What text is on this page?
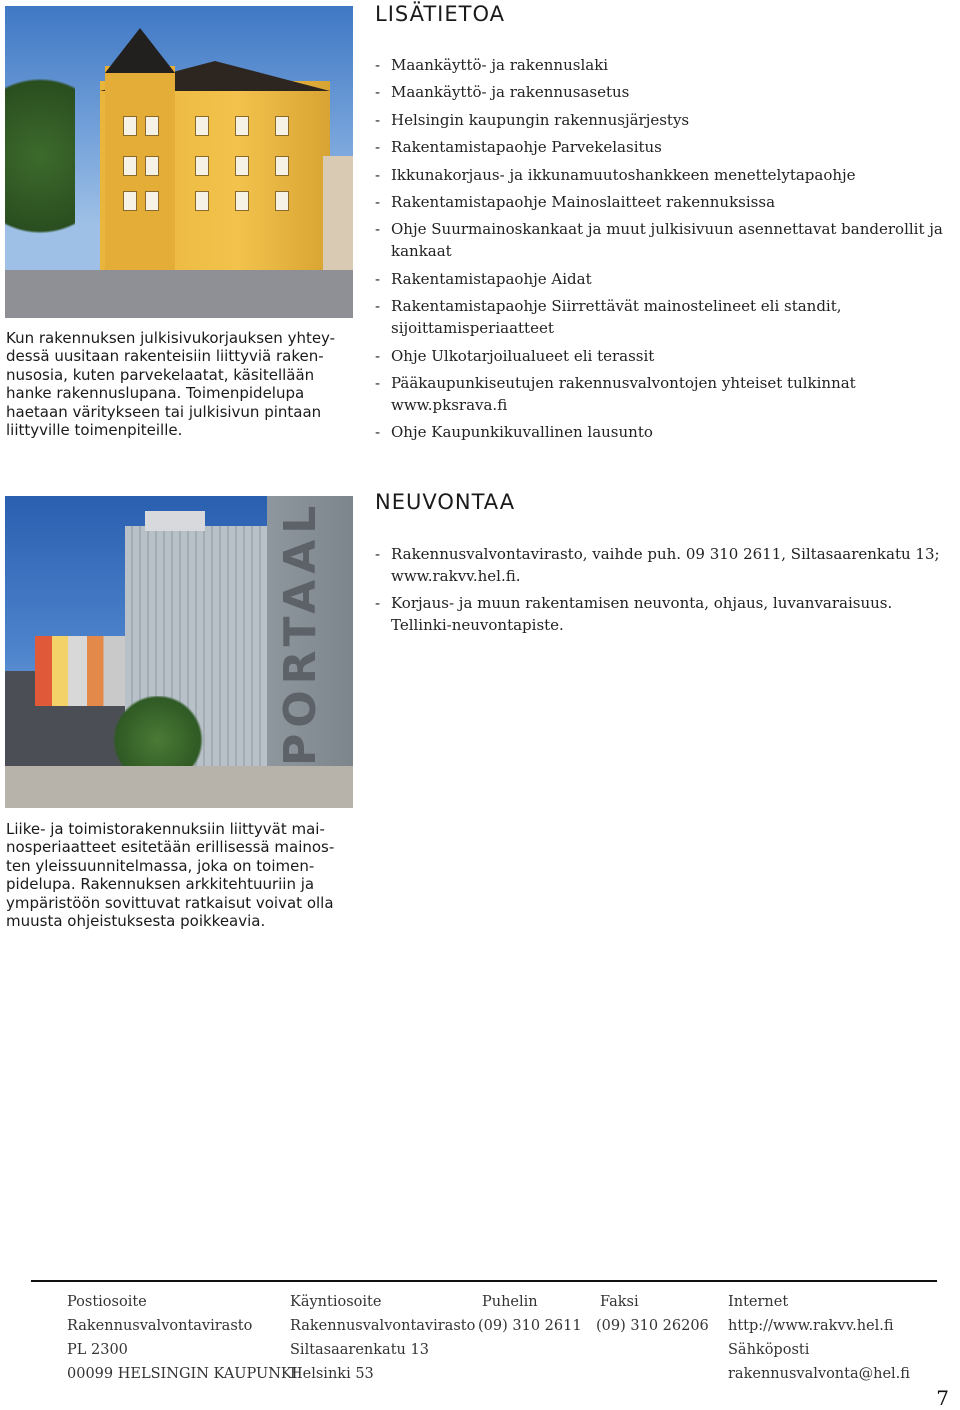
Kun rakennuksen julkisivukorjauksen yhtey-
dessä uusitaan rakenteisiin liittyviä raken-
nusosia, kuten parvekelaatat, käsitellään
hanke rakennuslupana. Toimenpidelupa
haetaan väritykseen tai julkisivun pintaan
liittyville toimenpiteille.
PORTAAL
Liike- ja toimistorakennuksiin liittyvät mai-
nosperiaatteet esitetään erillisessä mainos-
ten yleissuunnitelmassa, joka on toimen-
pidelupa. Rakennuksen arkkitehtuuriin ja
ympäristöön sovittuvat ratkaisut voivat olla
muusta ohjeistuksesta poikkeavia.
LISÄTIETOA
- Maankäyttö- ja rakennuslaki
- Maankäyttö- ja rakennusasetus
- Helsingin kaupungin rakennusjärjestys
- Rakentamistapaohje Parvekelasitus
- Ikkunakorjaus- ja ikkunamuutoshankkeen menettelytapaohje
- Rakentamistapaohje Mainoslaitteet rakennuksissa
- Ohje Suurmainoskankaat ja muut julkisivuun asennettavat banderollit ja kankaat
- Rakentamistapaohje Aidat
- Rakentamistapaohje Siirrettävät mainostelineet eli standit, sijoittamisperiaatteet
- Ohje Ulkotarjoilualueet eli terassit
- Pääkaupunkiseutujen rakennusvalvontojen yhteiset tulkinnat www.pksrava.fi
- Ohje Kaupunkikuvallinen lausunto
NEUVONTAA
- Rakennusvalvontavirasto, vaihde puh. 09 310 2611, Siltasaarenkatu 13; www.rakvv.hel.fi.
- Korjaus- ja muun rakentamisen neuvonta, ohjaus, luvanvaraisuus. Tellinki-neuvontapiste.
Postiosoite
Rakennusvalvontavirasto
PL 2300
00099 HELSINGIN KAUPUNKI
Käyntiosoite
Rakennusvalvontavirasto
Siltasaarenkatu 13
Helsinki 53
Puhelin
(09) 310 2611
Faksi
(09) 310 26206
Internet
http://www.rakvv.hel.fi
Sähköposti
rakennusvalvonta@hel.fi
7
